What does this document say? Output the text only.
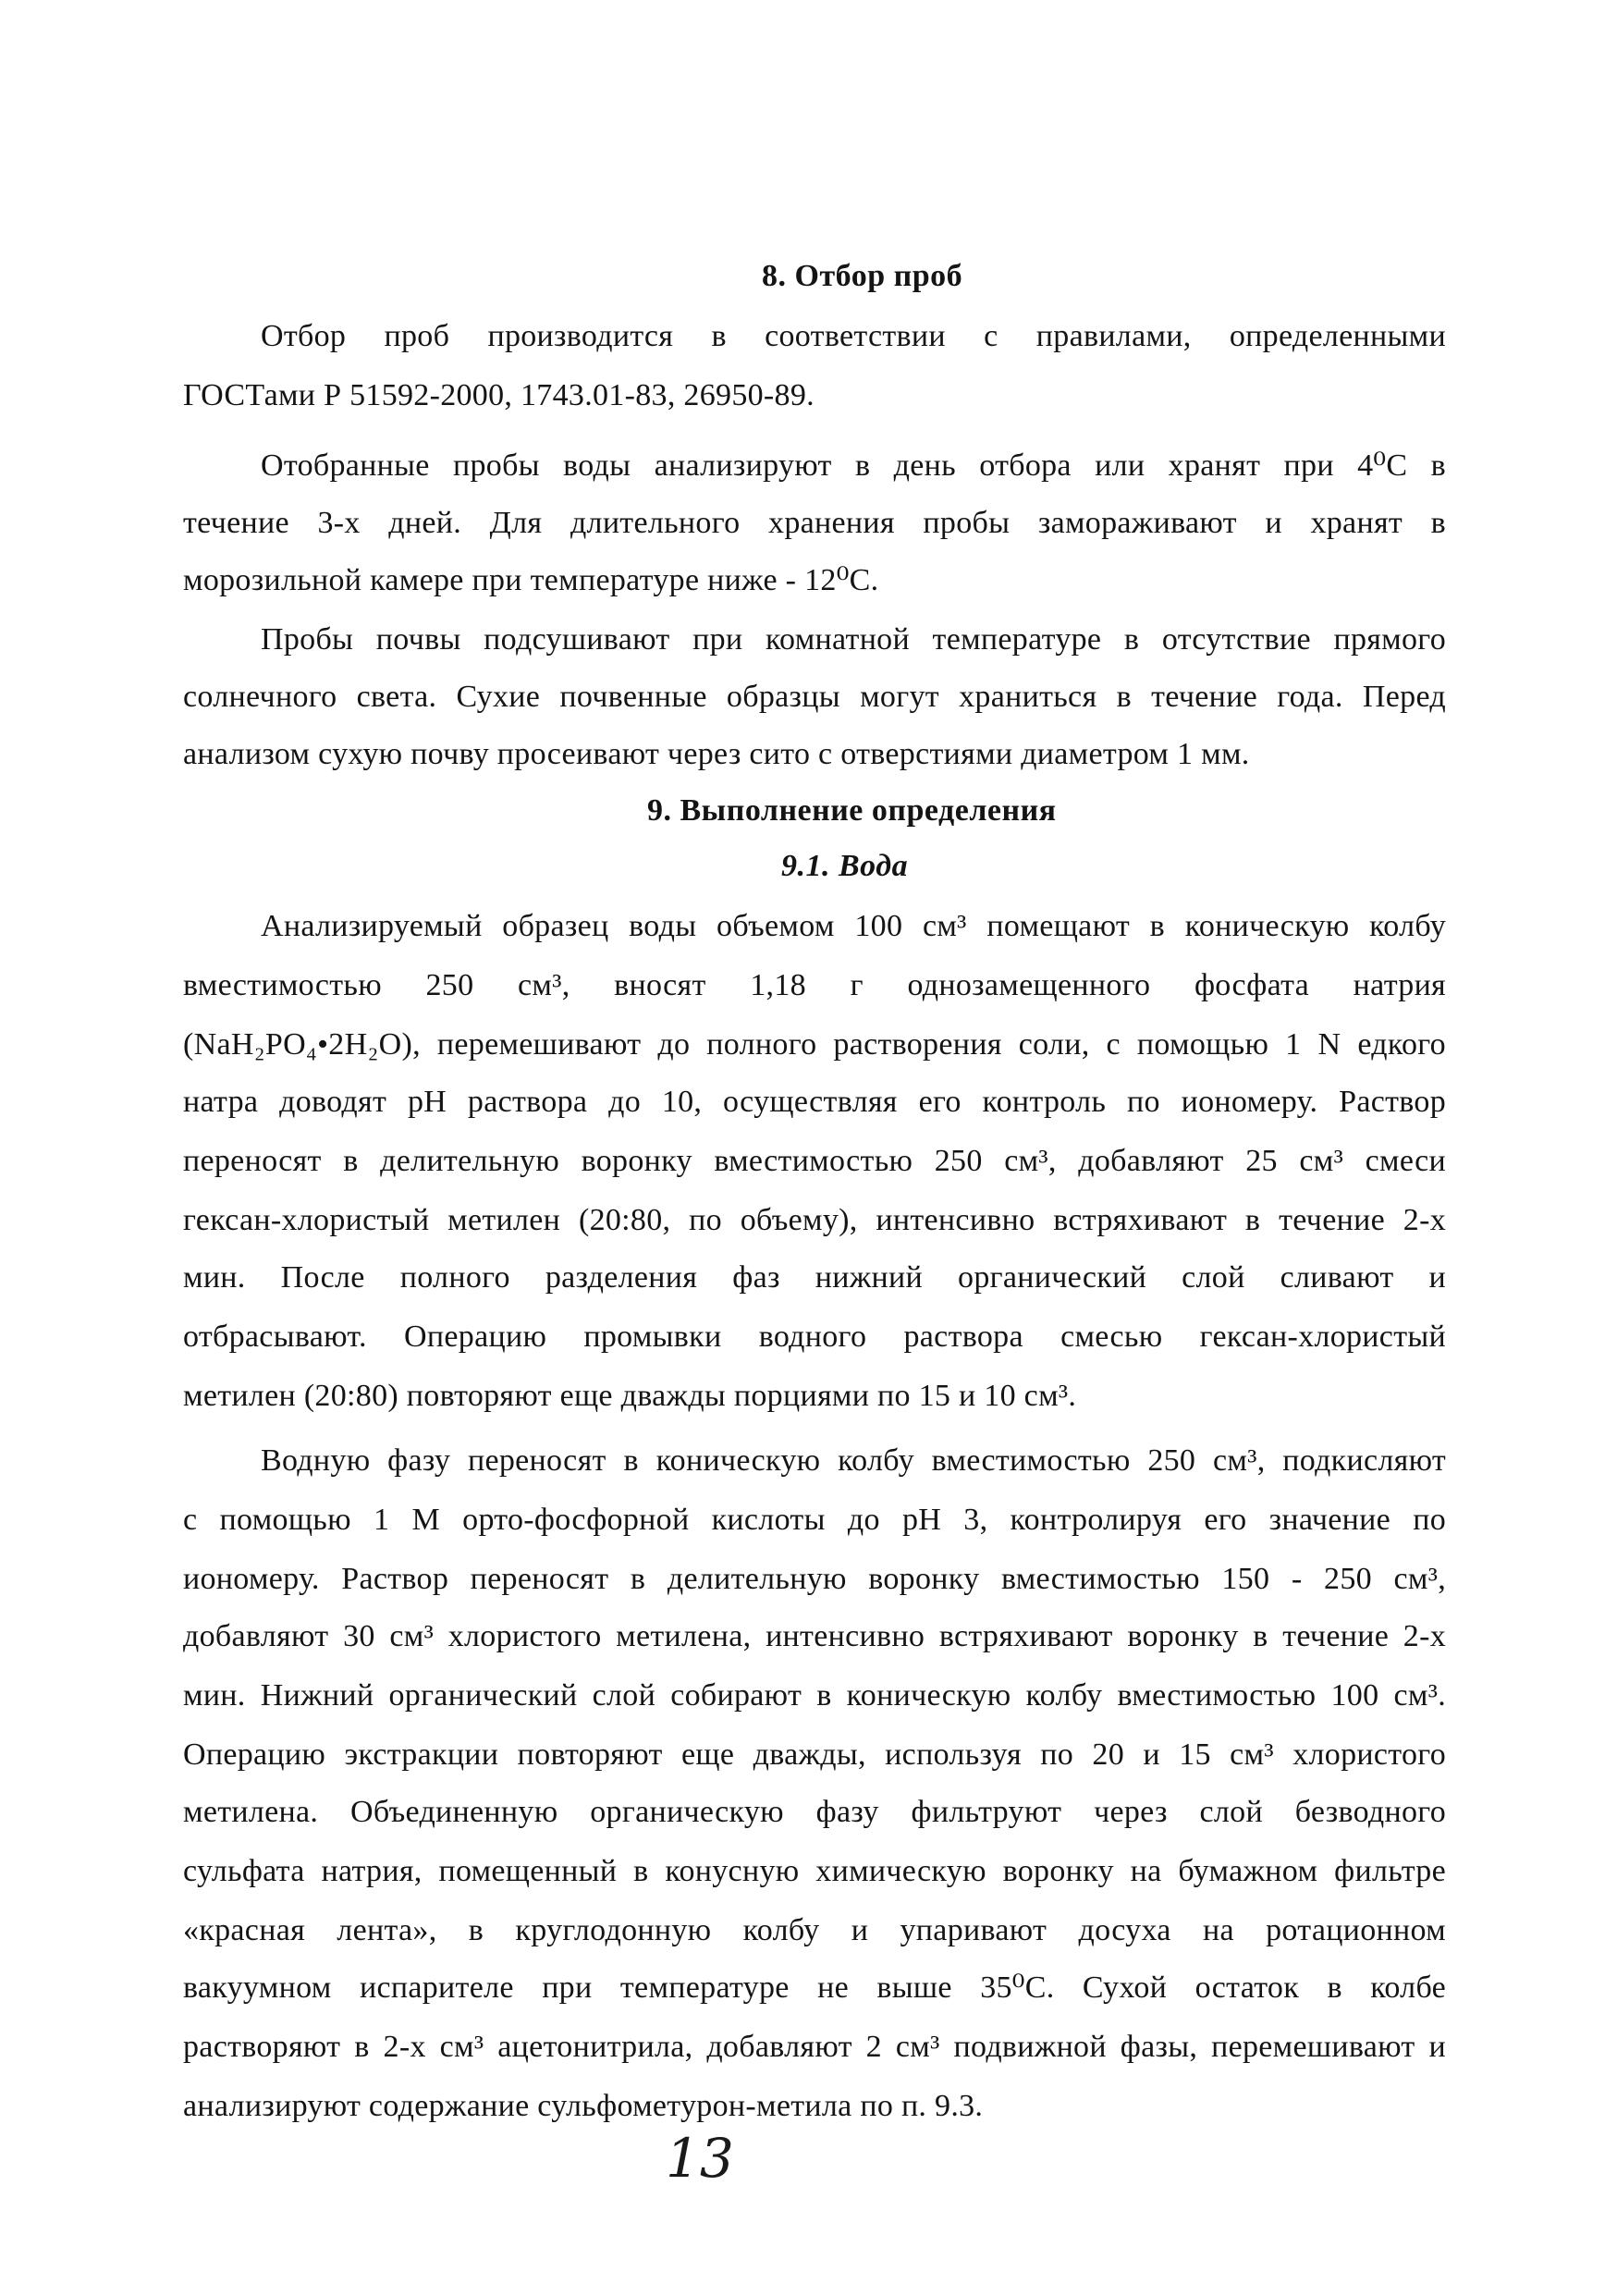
8. Отбор проб
Отбор проб производится в соответствии с правилами, определенными
ГОСТами Р 51592-2000, 1743.01-83, 26950-89.
Отобранные пробы воды анализируют в день отбора или хранят при 4⁰С в
течение 3-х дней. Для длительного хранения пробы замораживают и хранят в
морозильной камере при температуре ниже - 12⁰С.
Пробы почвы подсушивают при комнатной температуре в отсутствие прямого
солнечного света. Сухие почвенные образцы могут храниться в течение года. Перед
анализом сухую почву просеивают через сито с отверстиями диаметром 1 мм.
9. Выполнение определения
9.1. Вода
Анализируемый образец воды объемом 100 см³ помещают в коническую колбу
вместимостью 250 см³, вносят 1,18 г однозамещенного фосфата натрия
(NaH₂PO₄•2H₂O), перемешивают до полного растворения соли, с помощью 1 N едкого
натра доводят pH раствора до 10, осуществляя его контроль по иономеру. Раствор
переносят в делительную воронку вместимостью 250 см³, добавляют 25 см³ смеси
гексан-хлористый метилен (20:80, по объему), интенсивно встряхивают в течение 2-х
мин. После полного разделения фаз нижний органический слой сливают и
отбрасывают. Операцию промывки водного раствора смесью гексан-хлористый
метилен (20:80) повторяют еще дважды порциями по 15 и 10 см³.
Водную фазу переносят в коническую колбу вместимостью 250 см³, подкисляют
с помощью 1 М орто-фосфорной кислоты до pH 3, контролируя его значение по
иономеру. Раствор переносят в делительную воронку вместимостью 150 - 250 см³,
добавляют 30 см³ хлористого метилена, интенсивно встряхивают воронку в течение 2-х
мин. Нижний органический слой собирают в коническую колбу вместимостью 100 см³.
Операцию экстракции повторяют еще дважды, используя по 20 и 15 см³ хлористого
метилена. Объединенную органическую фазу фильтруют через слой безводного
сульфата натрия, помещенный в конусную химическую воронку на бумажном фильтре
«красная лента», в круглодонную колбу и упаривают досуха на ротационном
вакуумном испарителе при температуре не выше 35⁰С. Сухой остаток в колбе
растворяют в 2-х см³ ацетонитрила, добавляют 2 см³ подвижной фазы, перемешивают и
анализируют содержание сульфометурон-метила по п. 9.3.
13
